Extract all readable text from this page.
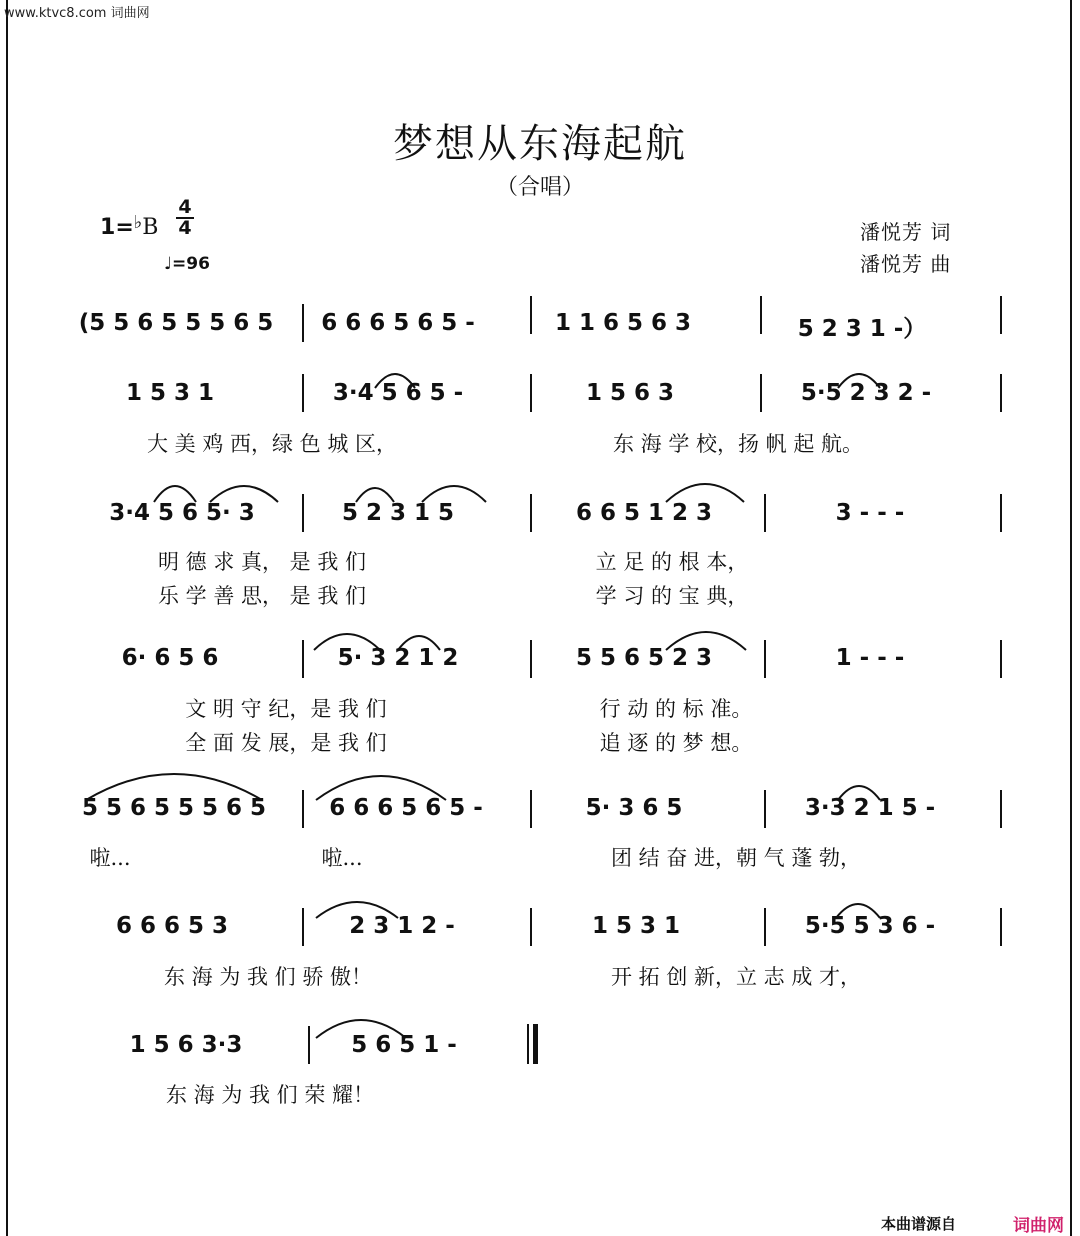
www.ktvc8.com 词曲网
梦想从东海起航
（合唱）
1=♭B
4
4
♩=96
潘悦芳 词
潘悦芳 曲
(5 5 6 5 5 5 6 5 6 6 6 5 6 5 -	1 1 6 5 6 3	5 2 3 1 -）
1 5 3 1	3·4 5 6 5 -	1 5 6 3	5·5 2 3 2 -
大 美 鸡 西，绿 色 城 区，	东 海 学 校，扬 帆 起 航。
3·4 5 6 5· 3	5 2 3 1 5	6 6 5 1 2 3	3 - - -
明 德 求 真， 是 我 们	立 足 的 根 本，
乐 学 善 思， 是 我 们	学 习 的 宝 典，
6· 6 5 6	5· 3 2 1 2	5 5 6 5 2 3	1 - - -
文 明 守 纪，是 我 们	行 动 的 标 准。
全 面 发 展，是 我 们	追 逐 的 梦 想。
5 5 6 5 5 5 6 5	6 6 6 5 6 5 -	5· 3 6 5	3·3 2 1 5 -
啦...	啦...	团 结 奋 进，朝 气 蓬 勃，
6 6 6 5 3	2 3 1 2 -	1 5 3 1	5·5 5 3 6 -
东 海 为 我 们 骄 傲！	开 拓 创 新，立 志 成 才，
1 5 6 3·3	5 6 5 1 -
东 海 为 我 们 荣 耀！
本曲谱源自	词曲网
